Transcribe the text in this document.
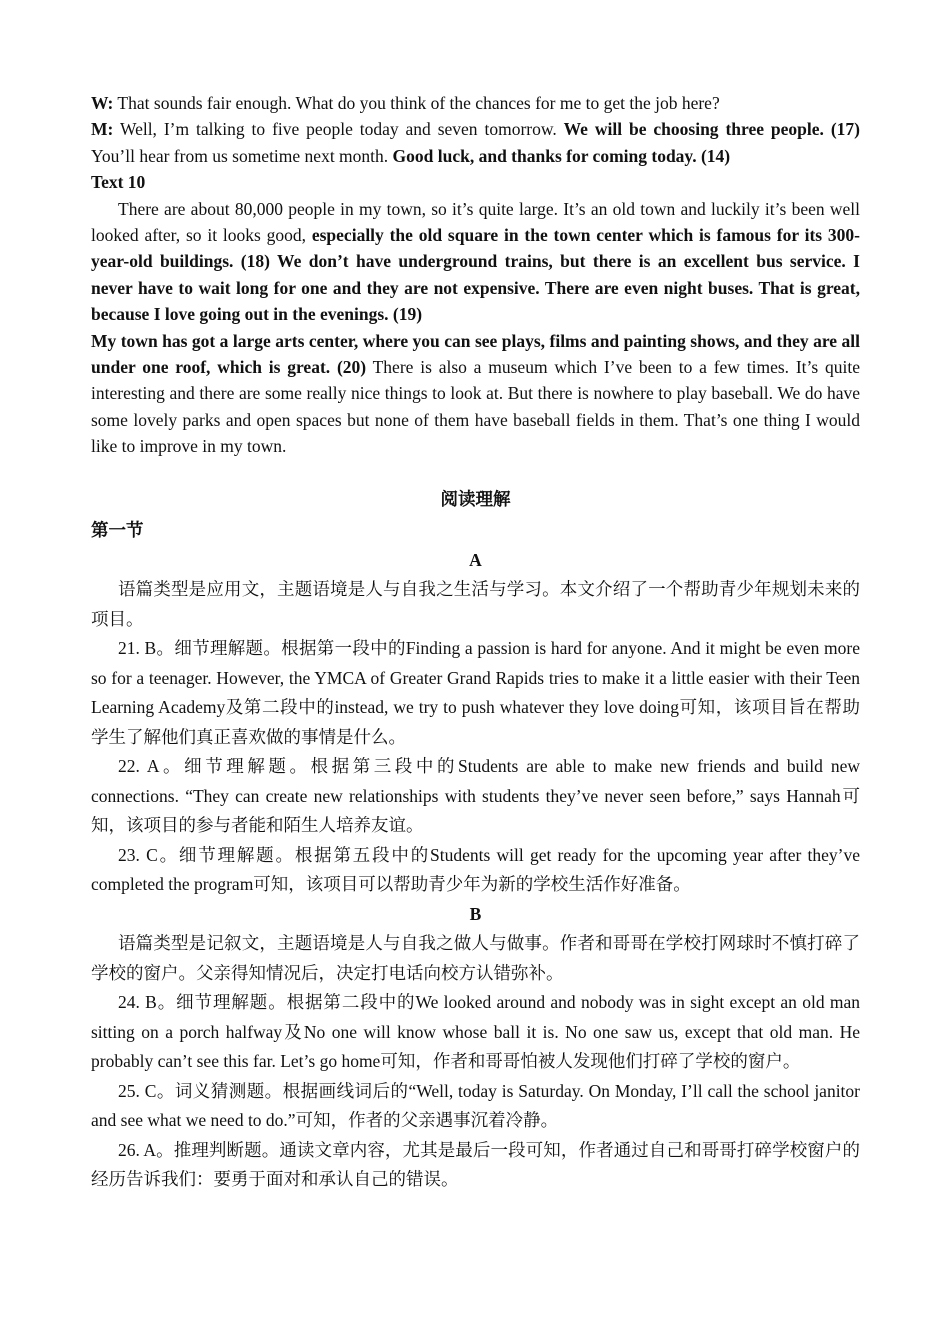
W: That sounds fair enough. What do you think of the chances for me to get the job here?

M: Well, I’m talking to five people today and seven tomorrow. We will be choosing three people. (17) You’ll hear from us sometime next month. Good luck, and thanks for coming today. (14)

Text 10

There are about 80,000 people in my town, so it’s quite large. It’s an old town and luckily it’s been well looked after, so it looks good, especially the old square in the town center which is famous for its 300-year-old buildings. (18) We don’t have underground trains, but there is an excellent bus service. I never have to wait long for one and they are not expensive. There are even night buses. That is great, because I love going out in the evenings. (19)

My town has got a large arts center, where you can see plays, films and painting shows, and they are all under one roof, which is great. (20) There is also a museum which I’ve been to a few times. It’s quite interesting and there are some really nice things to look at. But there is nowhere to play baseball. We do have some lovely parks and open spaces but none of them have baseball fields in them. That’s one thing I would like to improve in my town.

阅读理解

第一节

A

语篇类型是应用文，主题语境是人与自我之生活与学习。本文介绍了一个帮助青少年规划未来的项目。

21. B。细节理解题。根据第一段中的Finding a passion is hard for anyone. And it might be even more so for a teenager. However, the YMCA of Greater Grand Rapids tries to make it a little easier with their Teen Learning Academy及第二段中的instead, we try to push whatever they love doing可知，该项目旨在帮助学生了解他们真正喜欢做的事情是什么。

22. A。细节理解题。根据第三段中的Students are able to make new friends and build new connections. “They can create new relationships with students they’ve never seen before,” says Hannah可知，该项目的参与者能和陌生人培养友谊。

23. C。细节理解题。根据第五段中的Students will get ready for the upcoming year after they’ve completed the program可知，该项目可以帮助青少年为新的学校生活作好准备。

B

语篇类型是记叙文，主题语境是人与自我之做人与做事。作者和哥哥在学校打网球时不慎打碎了学校的窗户。父亲得知情况后，决定打电话向校方认错弥补。

24. B。细节理解题。根据第二段中的We looked around and nobody was in sight except an old man sitting on a porch halfway及No one will know whose ball it is. No one saw us, except that old man. He probably can’t see this far. Let’s go home可知，作者和哥哥怕被人发现他们打碎了学校的窗户。

25. C。词义猜测题。根据画线词后的“Well, today is Saturday. On Monday, I’ll call the school janitor and see what we need to do.”可知，作者的父亲遇事沉着冷静。

26. A。推理判断题。通读文章内容，尤其是最后一段可知，作者通过自己和哥哥打碎学校窗户的经历告诉我们：要勇于面对和承认自己的错误。
